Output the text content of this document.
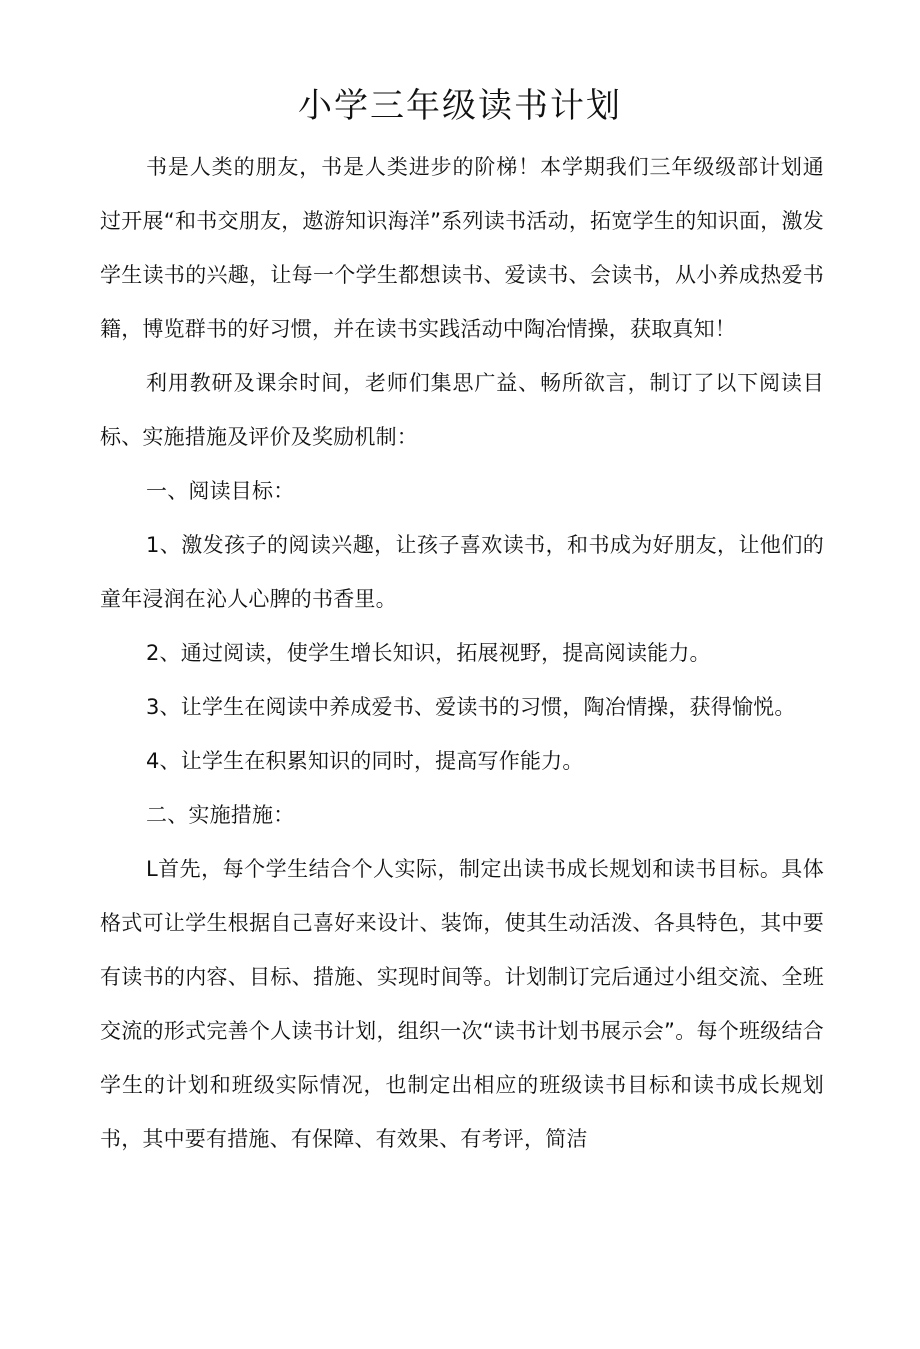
小学三年级读书计划

书是人类的朋友，书是人类进步的阶梯！本学期我们三年级级部计划通过开展“和书交朋友，遨游知识海洋”系列读书活动，拓宽学生的知识面，激发学生读书的兴趣，让每一个学生都想读书、爱读书、会读书，从小养成热爱书籍，博览群书的好习惯，并在读书实践活动中陶冶情操，获取真知！

利用教研及课余时间，老师们集思广益、畅所欲言，制订了以下阅读目标、实施措施及评价及奖励机制：

一、阅读目标：

1、激发孩子的阅读兴趣，让孩子喜欢读书，和书成为好朋友，让他们的童年浸润在沁人心脾的书香里。

2、通过阅读，使学生增长知识，拓展视野，提高阅读能力。

3、让学生在阅读中养成爱书、爱读书的习惯，陶冶情操，获得愉悦。

4、让学生在积累知识的同时，提高写作能力。

二、实施措施：

L首先，每个学生结合个人实际，制定出读书成长规划和读书目标。具体格式可让学生根据自己喜好来设计、装饰，使其生动活泼、各具特色，其中要有读书的内容、目标、措施、实现时间等。计划制订完后通过小组交流、全班交流的形式完善个人读书计划，组织一次“读书计划书展示会”。每个班级结合学生的计划和班级实际情况，也制定出相应的班级读书目标和读书成长规划书，其中要有措施、有保障、有效果、有考评，简洁
